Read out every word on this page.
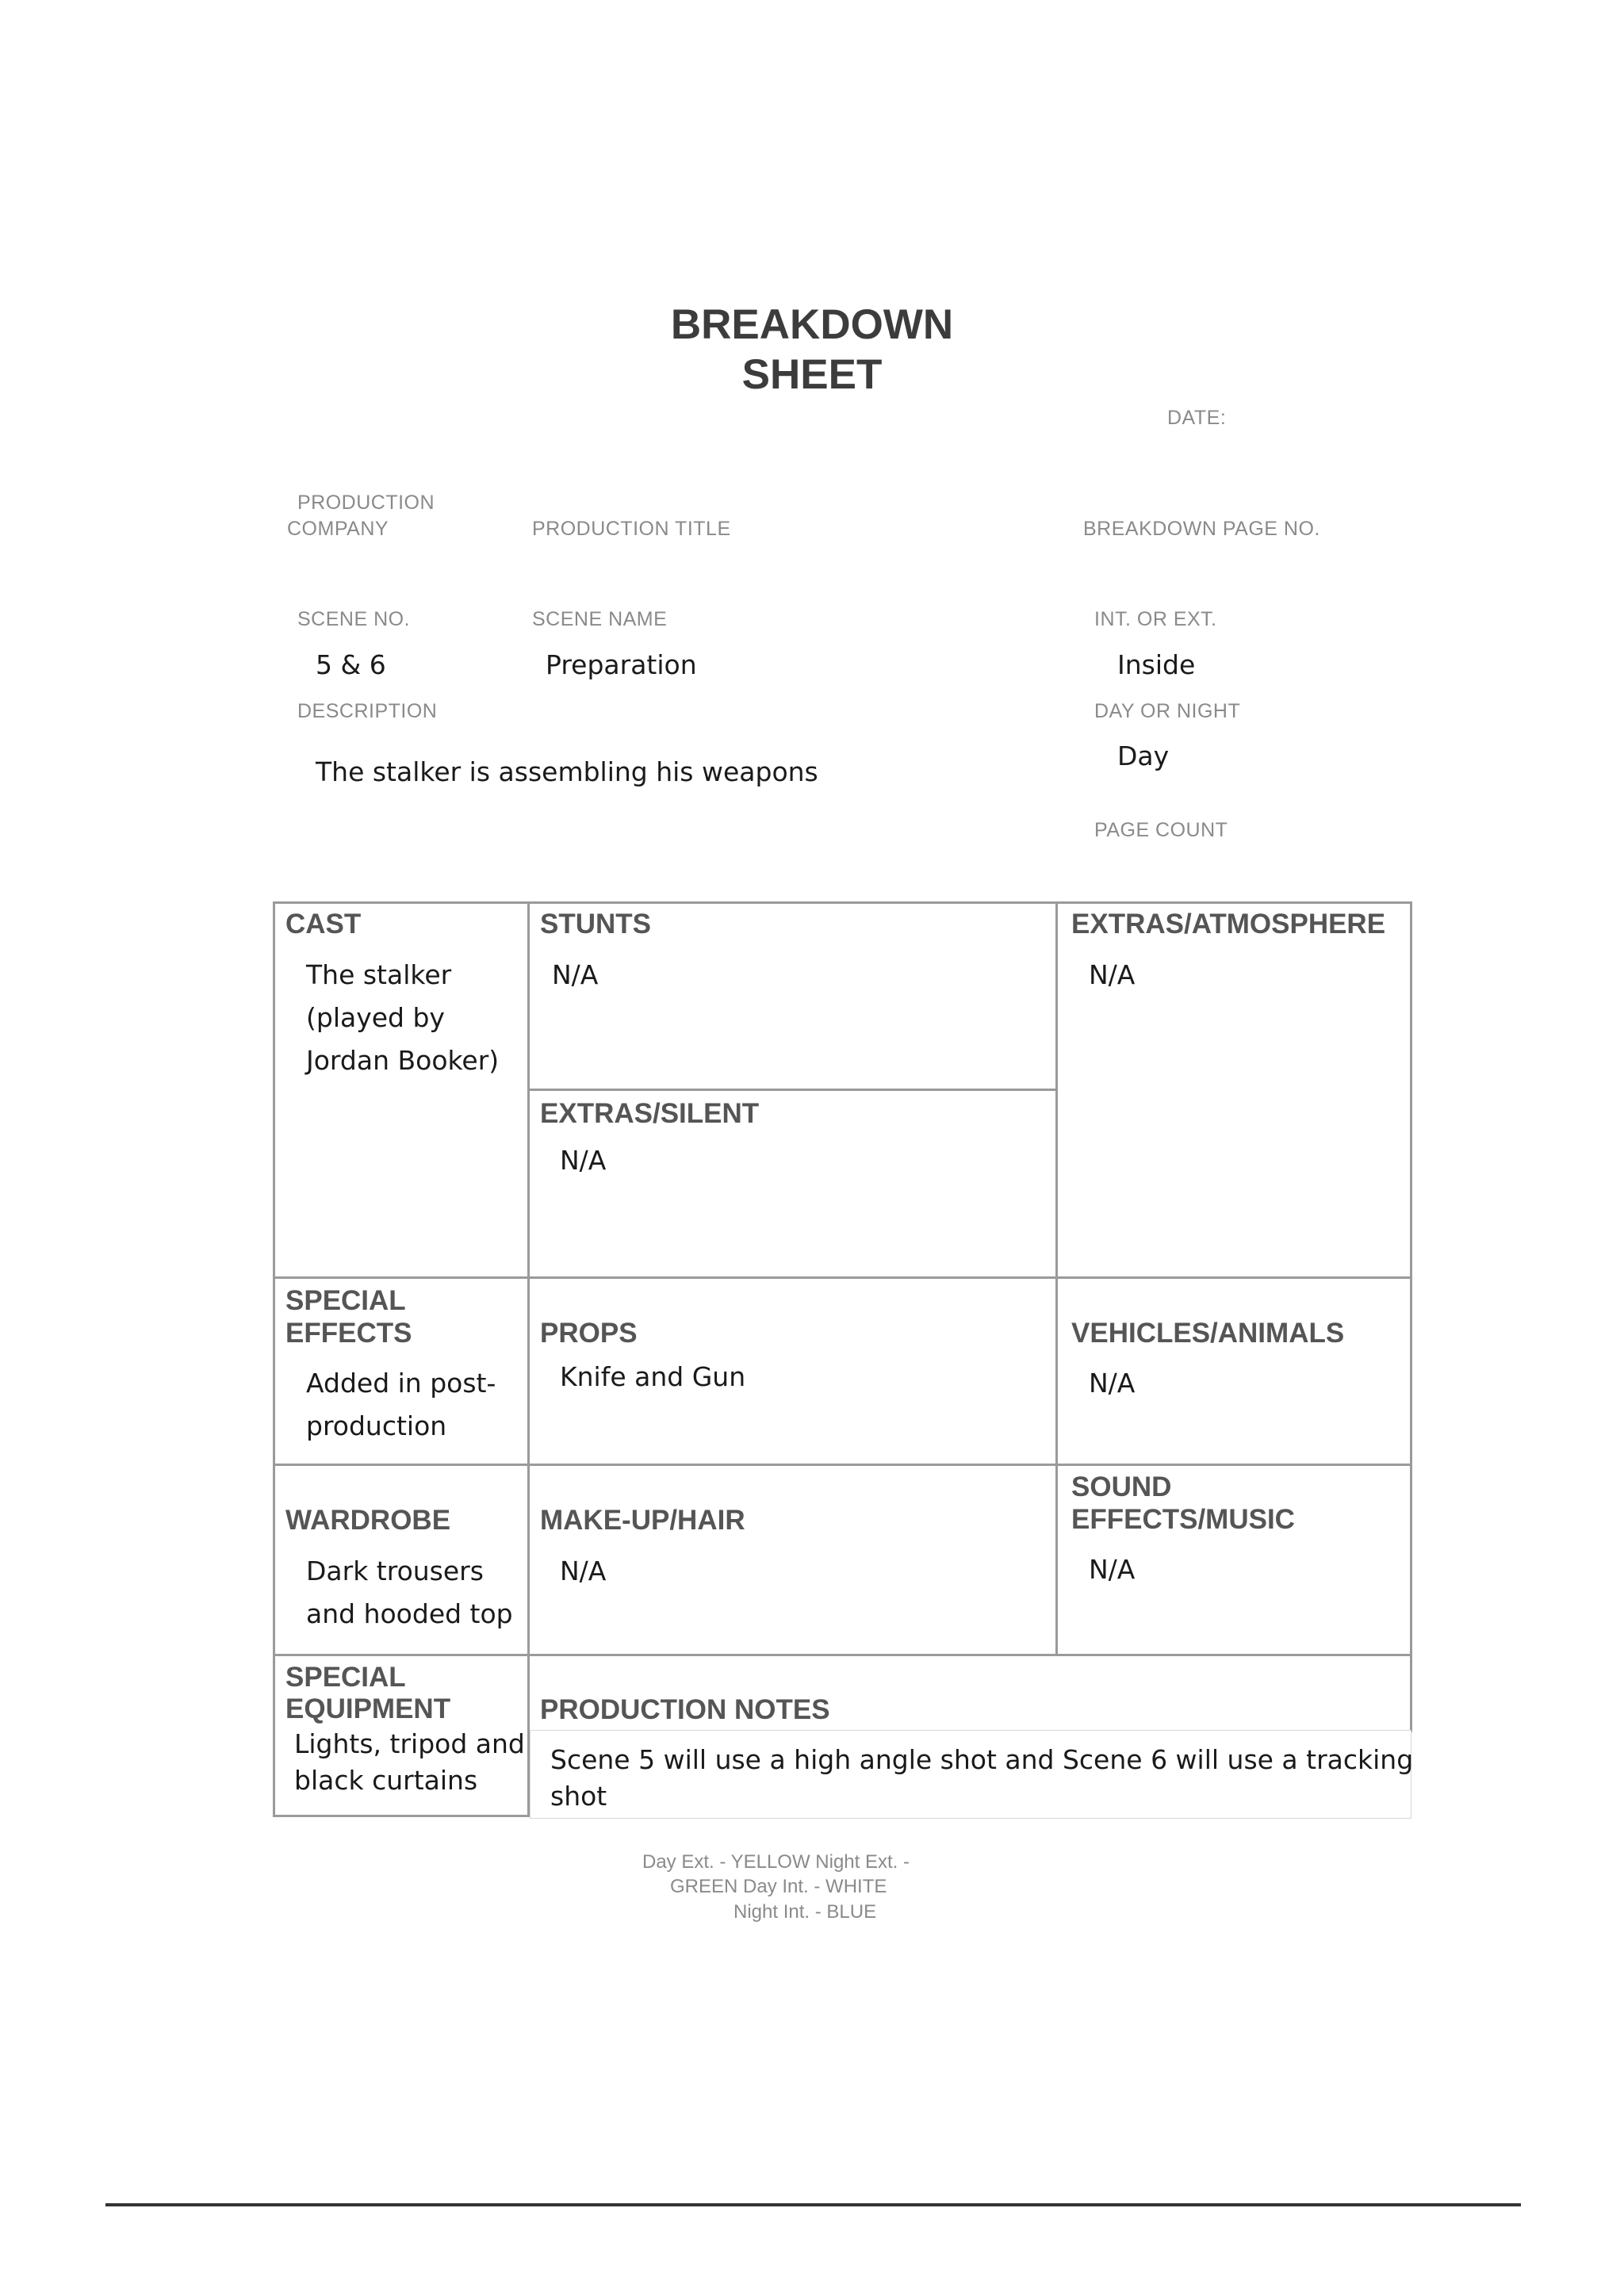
BREAKDOWN
SHEET
DATE:
PRODUCTION
COMPANY	PRODUCTION TITLE	BREAKDOWN PAGE NO.
SCENE NO.	SCENE NAME	INT. OR EXT.
5 & 6	Preparation	Inside
DESCRIPTION	DAY OR NIGHT
Day
The stalker is assembling his weapons
PAGE COUNT
CAST
The stalker
(played by
Jordan Booker)
STUNTS
N/A
EXTRAS/ATMOSPHERE
N/A
EXTRAS/SILENT
N/A
SPECIAL
EFFECTS
Added in post-
production
PROPS
Knife and Gun
VEHICLES/ANIMALS
N/A
WARDROBE
Dark trousers
and hooded top
MAKE-UP/HAIR
N/A
SOUND
EFFECTS/MUSIC
N/A
SPECIAL
EQUIPMENT
Lights, tripod and
black curtains
PRODUCTION NOTES
Scene 5 will use a high angle shot and Scene 6 will use a tracking
shot
Day Ext. - YELLOW Night Ext. -
GREEN Day Int. - WHITE
Night Int. - BLUE
